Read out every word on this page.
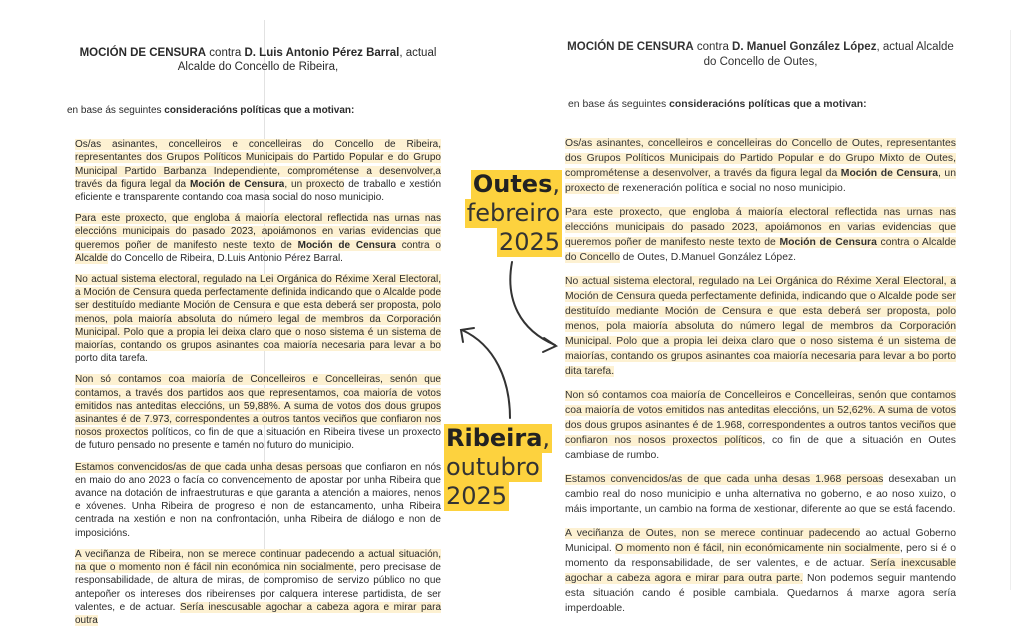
MOCIÓN DE CENSURA contra D. Luis Antonio Pérez Barral, actual Alcalde do Concello de Ribeira,
en base ás seguintes consideracións políticas que a motivan:

Os/as asinantes, concelleiros e concelleiras do Concello de Ribeira, representantes dos Grupos Políticos Municipais do Partido Popular e do Grupo Municipal Partido Barbanza Independiente, comprométense a desenvolver,a través da figura legal da Moción de Censura, un proxecto de traballo e xestión eficiente e transparente contando coa masa social do noso municipio.

Para este proxecto, que engloba á maioría electoral reflectida nas urnas nas eleccións municipais do pasado 2023, apoiámonos en varias evidencias que queremos poñer de manifesto neste texto de Moción de Censura contra o Alcalde do Concello de Ribeira, D.Luis Antonio Pérez Barral.

No actual sistema electoral, regulado na Lei Orgánica do Réxime Xeral Electoral, a Moción de Censura queda perfectamente definida indicando que o Alcalde pode ser destituído mediante Moción de Censura e que esta deberá ser proposta, polo menos, pola maioría absoluta do número legal de membros da Corporación Municipal. Polo que a propia lei deixa claro que o noso sistema é un sistema de maiorías, contando os grupos asinantes coa maioría necesaria para levar a bo porto dita tarefa.

Non só contamos coa maioría de Concelleiros e Concelleiras, senón que contamos, a través dos partidos aos que representamos, coa maioría de votos emitidos nas anteditas eleccións, un 59,88%. A suma de votos dos dous grupos asinantes é de 7.973, correspondentes a outros tantos veciños que confiaron nos nosos proxectos políticos, co fin de que a situación en Ribeira tivese un proxecto de futuro pensado no presente e tamén no futuro do municipio.

Estamos convencidos/as de que cada unha desas persoas que confiaron en nós en maio do ano 2023 o facía co convencemento de apostar por unha Ribeira que avance na dotación de infraestruturas e que garanta a atención a maiores, nenos e xóvenes. Unha Ribeira de progreso e non de estancamento, unha Ribeira centrada na xestión e non na confrontación, unha Ribeira de diálogo e non de imposicións.

A veciñanza de Ribeira, non se merece continuar padecendo a actual situación, na que o momento non é fácil nin económica nin socialmente, pero precisase de responsabilidade, de altura de miras, de compromiso de servizo público no que antepoñer os intereses dos ribeirenses por calquera interese partidista, de ser valentes, e de actuar. Sería inescusable agochar a cabeza agora e mirar para outra

MOCIÓN DE CENSURA contra D. Manuel González López, actual Alcalde do Concello de Outes,
en base ás seguintes consideracións políticas que a motivan:

Os/as asinantes, concelleiros e concelleiras do Concello de Outes, representantes dos Grupos Políticos Municipais do Partido Popular e do Grupo Mixto de Outes, comprométense a desenvolver, a través da figura legal da Moción de Censura, un proxecto de rexeneración política e social no noso municipio.

Para este proxecto, que engloba á maioría electoral reflectida nas urnas nas eleccións municipais do pasado 2023, apoiámonos en varias evidencias que queremos poñer de manifesto neste texto de Moción de Censura contra o Alcalde do Concello de Outes, D.Manuel González López.

No actual sistema electoral, regulado na Lei Orgánica do Réxime Xeral Electoral, a Moción de Censura queda perfectamente definida, indicando que o Alcalde pode ser destituído mediante Moción de Censura e que esta deberá ser proposta, polo menos, pola maioría absoluta do número legal de membros da Corporación Municipal. Polo que a propia lei deixa claro que o noso sistema é un sistema de maiorías, contando os grupos asinantes coa maioría necesaria para levar a bo porto dita tarefa.

Non só contamos coa maioría de Concelleiros e Concelleiras, senón que contamos coa maioría de votos emitidos nas anteditas eleccións, un 52,62%. A suma de votos dos dous grupos asinantes é de 1.968, correspondentes a outros tantos veciños que confiaron nos nosos proxectos políticos, co fin de que a situación en Outes cambiase de rumbo.

Estamos convencidos/as de que cada unha desas 1.968 persoas desexaban un cambio real do noso municipio e unha alternativa no goberno, e ao noso xuizo, o máis importante, un cambio na forma de xestionar, diferente ao que se está facendo.

A veciñanza de Outes, non se merece continuar padecendo ao actual Goberno Municipal. O momento non é fácil, nin económicamente nin socialmente, pero si é o momento da responsabilidade, de ser valentes, e de actuar. Sería inexcusable agochar a cabeza agora e mirar para outra parte. Non podemos seguir mantendo esta situación cando é posible cambiala. Quedarnos á marxe agora sería imperdoable.

Outes,
febreiro
2025
Ribeira,
outubro
2025
